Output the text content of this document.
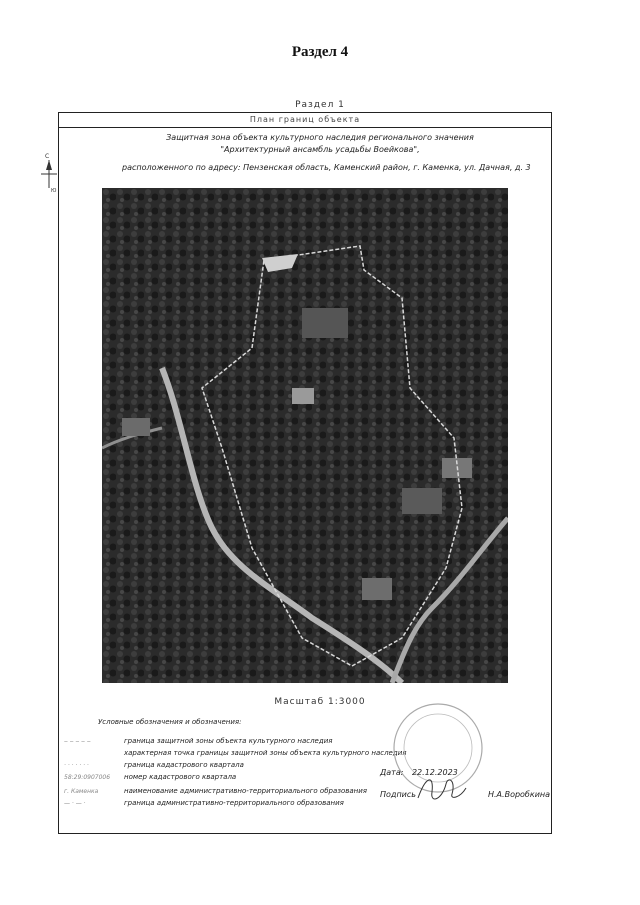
Раздел 4
Раздел 1
План границ объекта
Защитная зона объекта культурного наследия регионального значения
"Архитектурный ансамбль усадьбы Воейкова",
расположенного по адресу: Пензенская область, Каменский район, г. Каменка, ул. Дачная, д. 3
С
Ю
Масштаб 1:3000
Условные обозначения и обозначения:
‒ ‒ ‒ ‒ ‒	граница защитной зоны объекта культурного наследия
характерная точка границы защитной зоны объекта культурного наследия
· · · · · · ·	граница кадастрового квартала
58:29:0907006 номер кадастрового квартала
г. Каменка	наименование административно-территориального образования
— · — ·	граница административно-территориального образования
Дата: 22.12.2023
Подпись	Н.А.Воробкина
